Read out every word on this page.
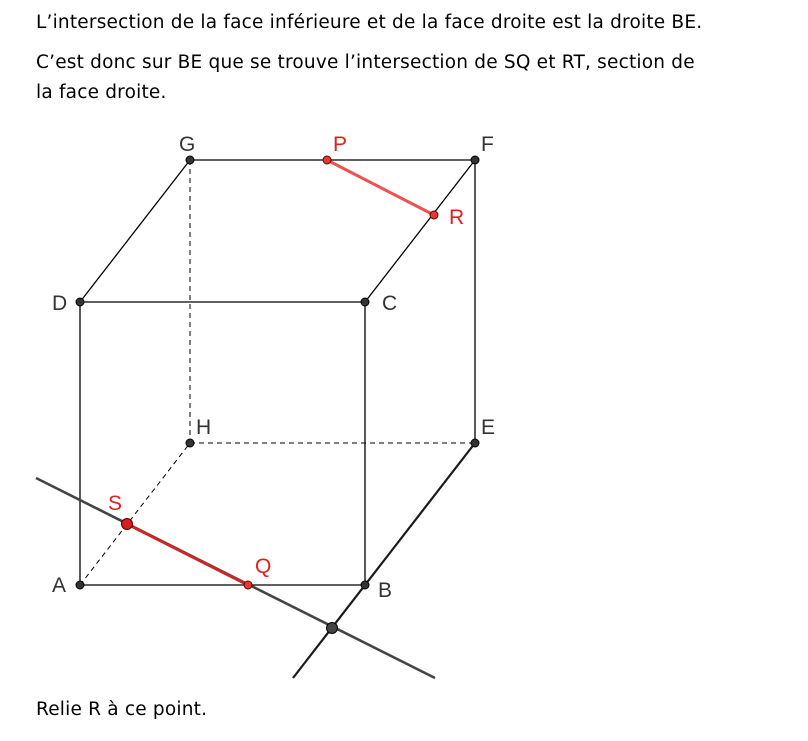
L’intersection de la face inférieure et de la face droite est la droite BE.
C’est donc sur BE que se trouve l’intersection de SQ et RT, section de
la face droite.
G	F
D	C
H	E
A	B
P
R
S
Q
Relie R à ce point.
